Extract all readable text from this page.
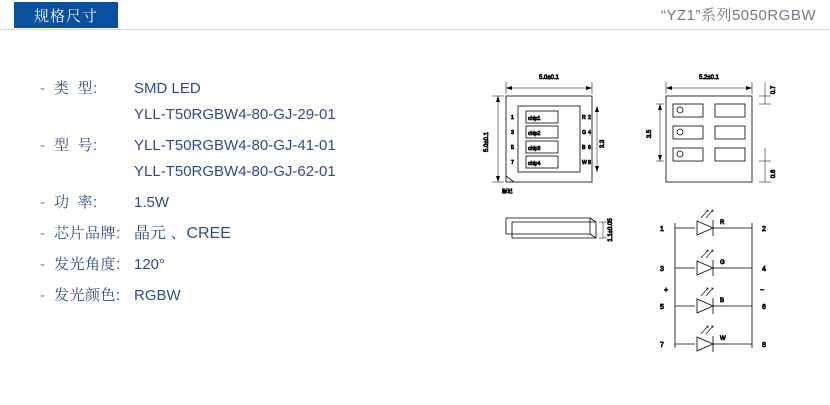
规格尺寸	“YZ1”系列5050RGBW
- 类 型:	SMD LED
YLL-T50RGBW4-80-GJ-29-01
- 型 号:	YLL-T50RGBW4-80-GJ-41-01
YLL-T50RGBW4-80-GJ-62-01
- 功 率:	1.5W
- 芯片品牌: 晶元 、CREE
- 发光角度: 120°
- 发光颜色: RGBW
5.0±0.1
5.0±0.1	3.3
chip1
chip2
chip3
chip4
1
3
5
7
R 2
G 4
B 6
W 8
标记
5.2±0.1
3.5
0.7
0.6
1.1±0.05	1
3
5
7
2
4
6
8
R
G
B
W
+	−
